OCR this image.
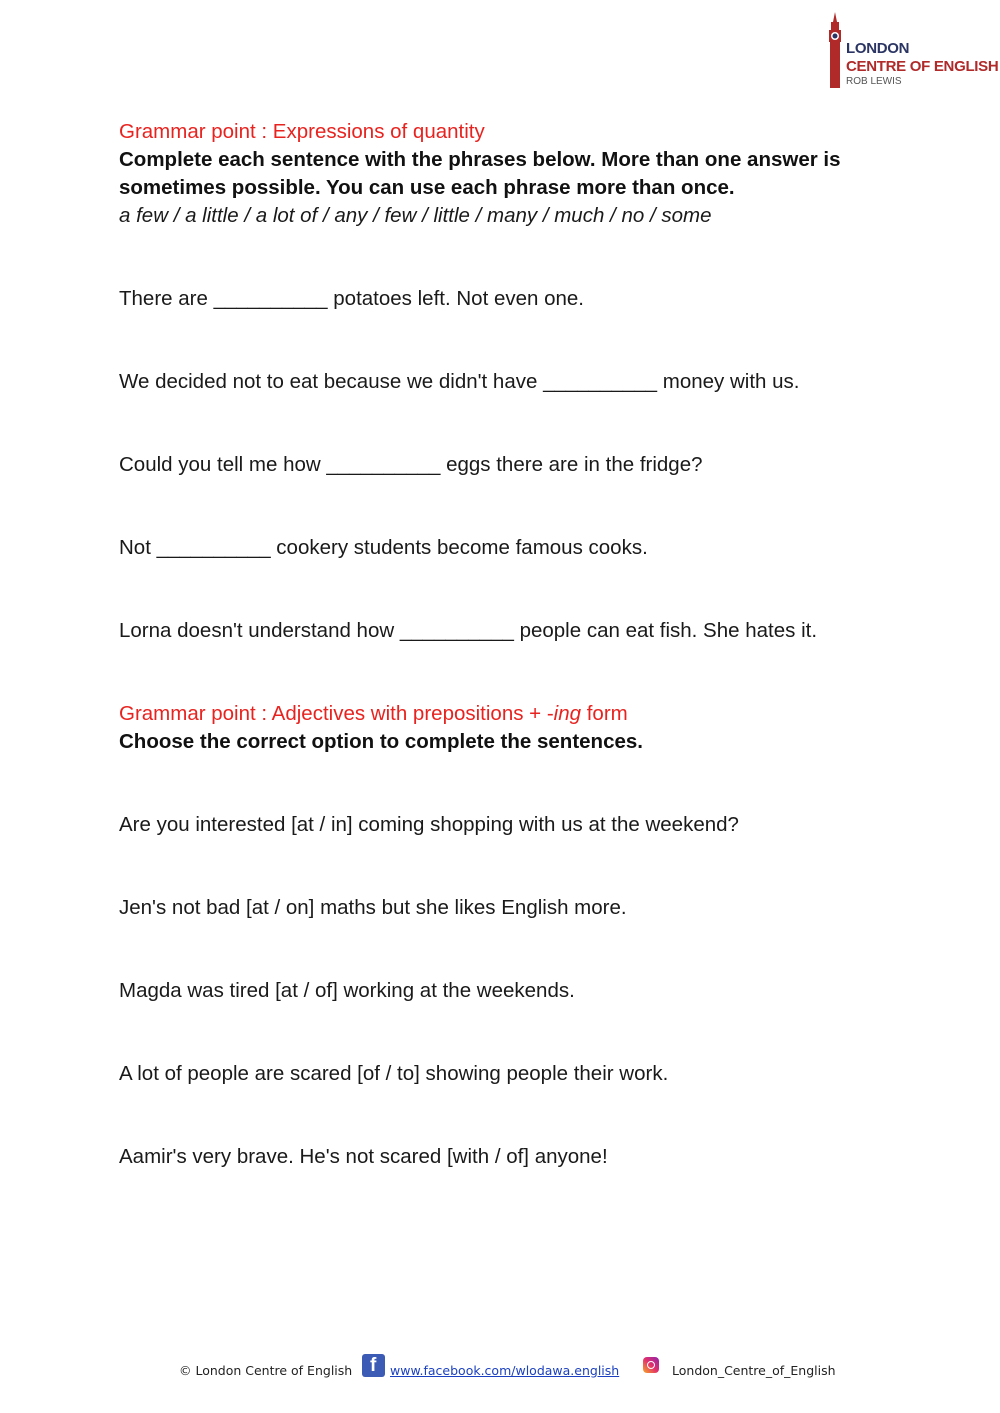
LONDON
CENTRE OF ENGLISH
ROB LEWIS

Grammar point : Expressions of quantity

Complete each sentence with the phrases below. More than one answer is sometimes possible. You can use each phrase more than once.

a few / a little / a lot of / any / few / little / many / much / no / some

There are __________ potatoes left. Not even one.

We decided not to eat because we didn't have __________ money with us.

Could you tell me how __________ eggs there are in the fridge?

Not __________ cookery students become famous cooks.

Lorna doesn't understand how __________ people can eat fish. She hates it.

Grammar point : Adjectives with prepositions + -ing form

Choose the correct option to complete the sentences.

Are you interested [at / in] coming shopping with us at the weekend?

Jen's not bad [at / on] maths but she likes English more.

Magda was tired [at / of] working at the weekends.

A lot of people are scared [of / to] showing people their work.

Aamir's very brave. He's not scared [with / of] anyone!

© London Centre of English f www.facebook.com/wlodawa.english	London_Centre_of_English
